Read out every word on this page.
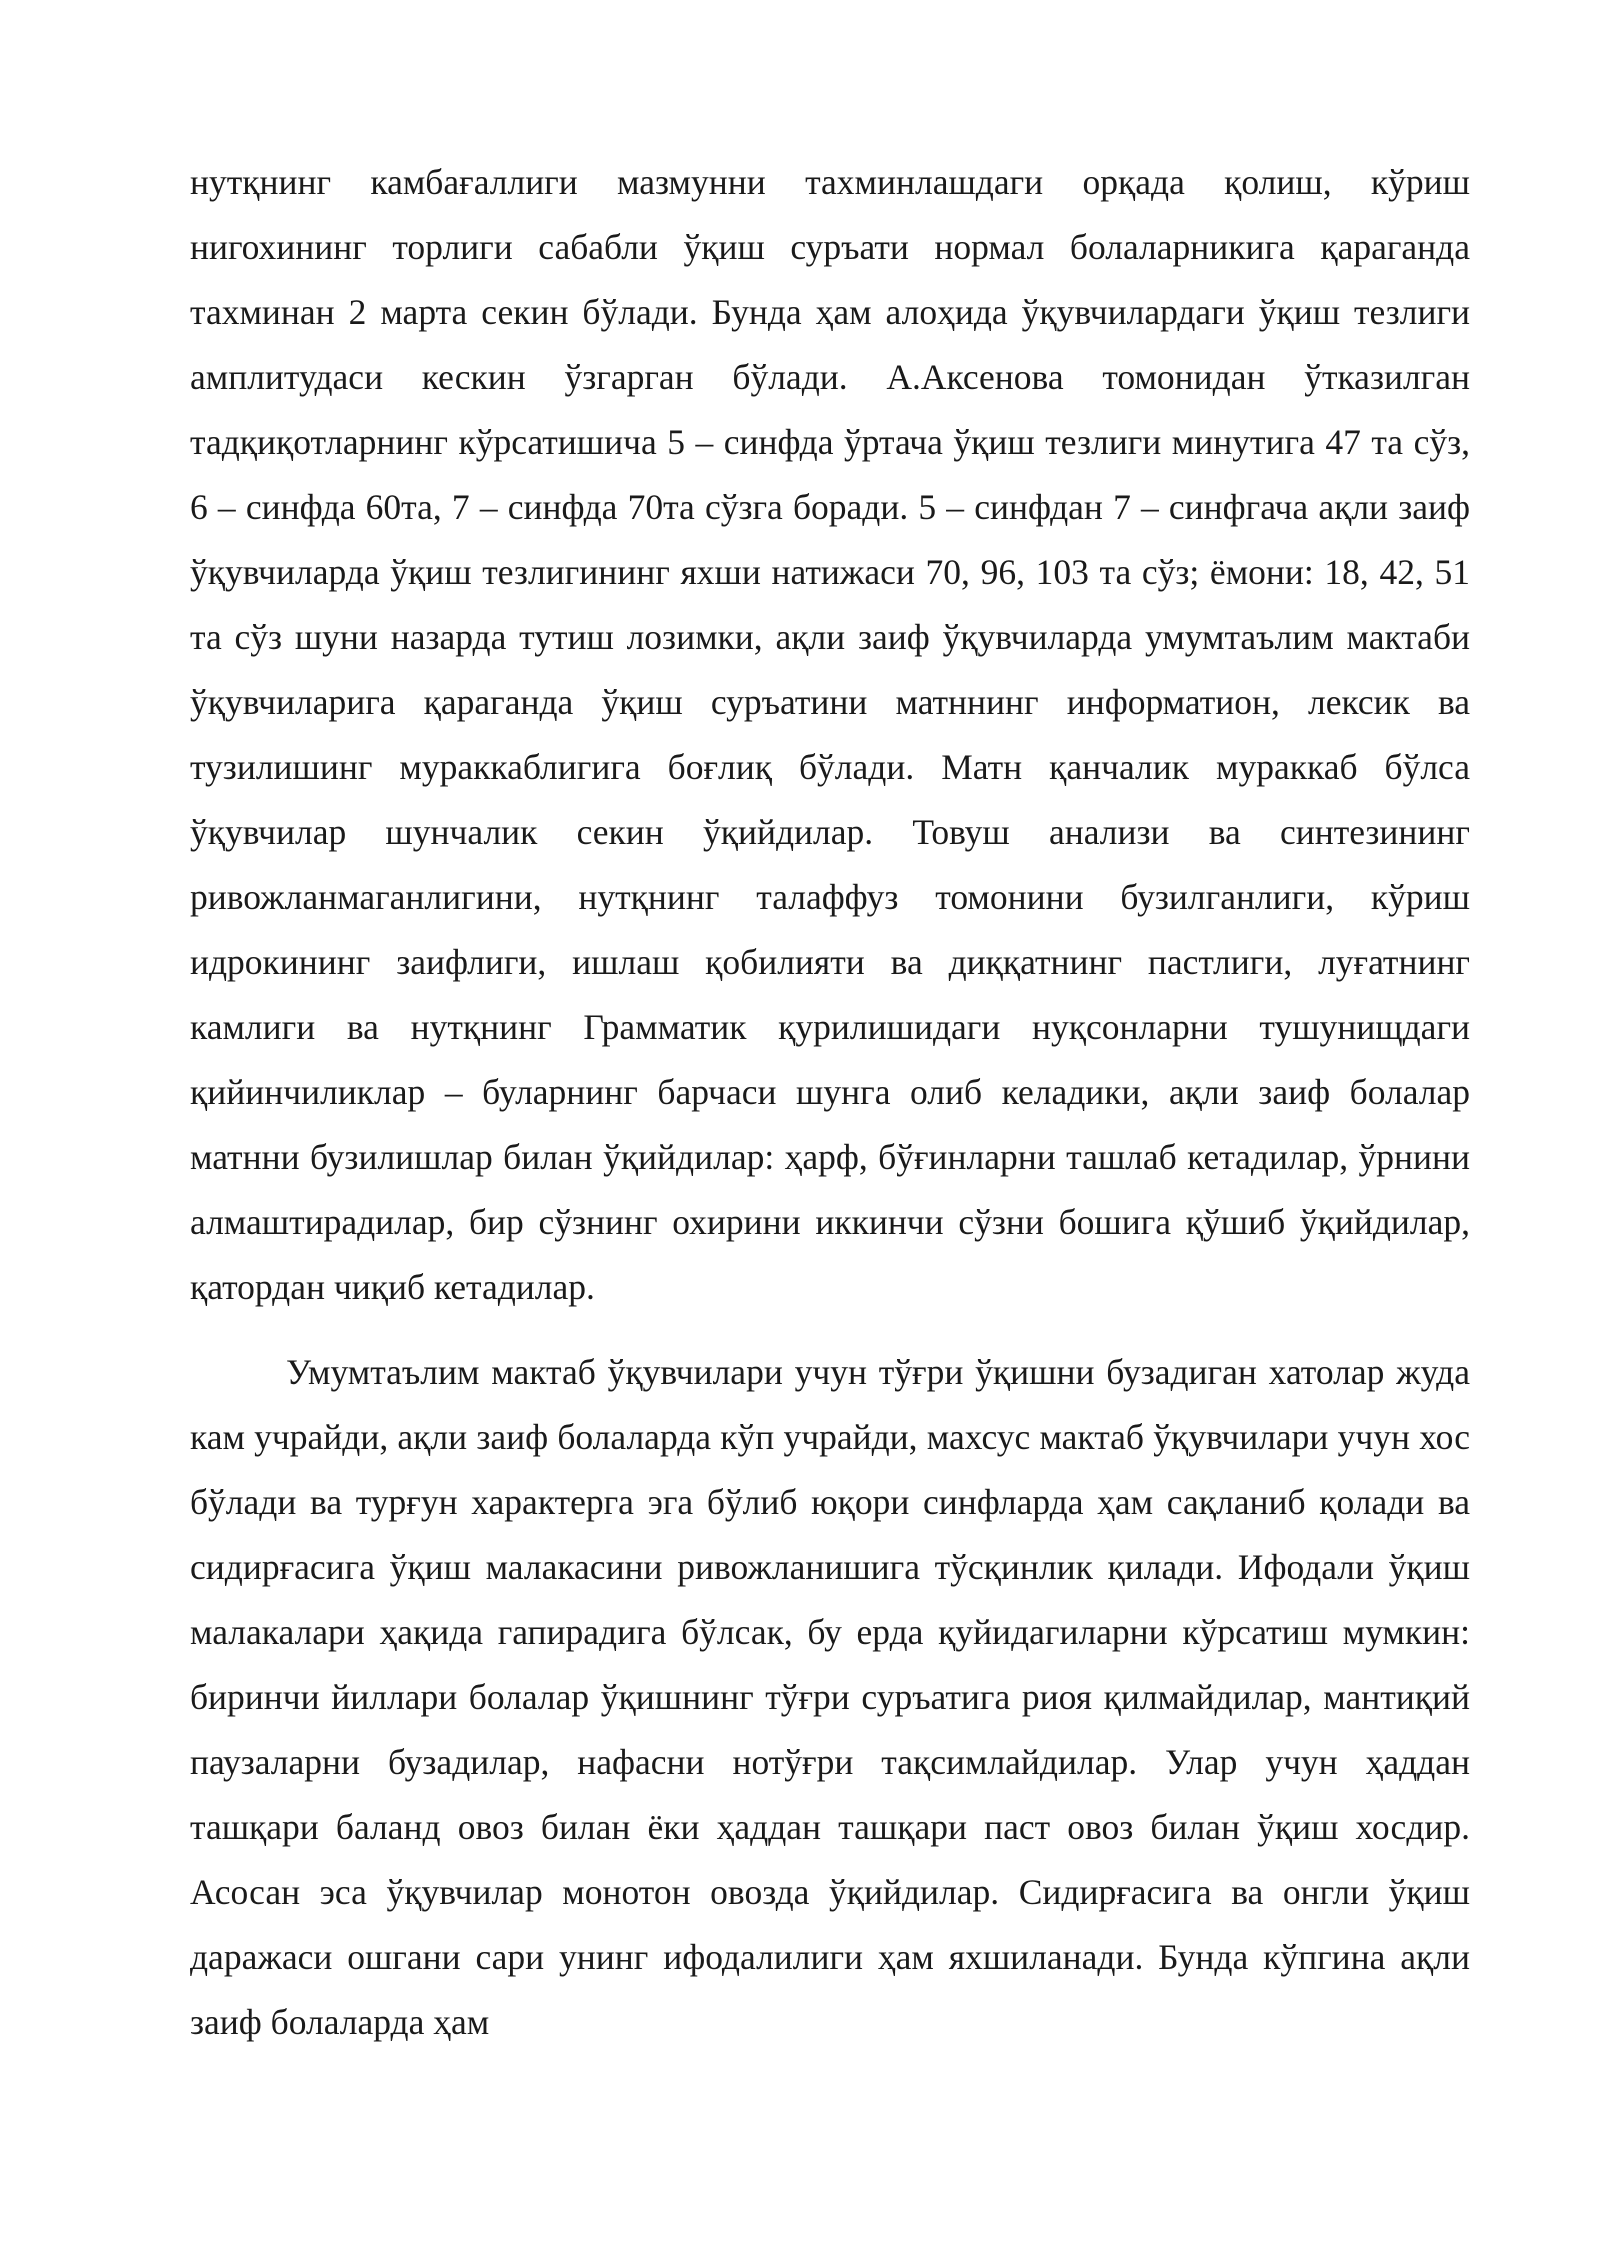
нутқнинг камбағаллиги мазмунни тахминлашдаги орқада қолиш, кўриш нигохининг торлиги сабабли ўқиш суръати нормал болаларникига қараганда тахминан 2 марта секин бўлади. Бунда ҳам алоҳида ўқувчилардаги ўқиш тезлиги амплитудаси кескин ўзгарган бўлади. А.Аксенова томонидан ўтказилган тадқиқотларнинг кўрсатишича 5 – синфда ўртача ўқиш тезлиги минутига 47 та сўз, 6 – синфда 60та, 7 – синфда 70та сўзга боради. 5 – синфдан 7 – синфгача ақли заиф ўқувчиларда ўқиш тезлигининг яхши натижаси 70, 96, 103 та сўз; ёмони: 18, 42, 51 та сўз шуни назарда тутиш лозимки, ақли заиф ўқувчиларда умумтаълим мактаби ўқувчиларига қараганда ўқиш суръатини матннинг информатион, лексик ва тузилишинг мураккаблигига боғлиқ бўлади. Матн қанчалик мураккаб бўлса ўқувчилар шунчалик секин ўқийдилар. Товуш анализи ва синтезининг ривожланмаганлигини, нутқнинг талаффуз томонини бузилганлиги, кўриш идрокининг заифлиги, ишлаш қобилияти ва диққатнинг пастлиги, луғатнинг камлиги ва нутқнинг Грамматик қурилишидаги нуқсонларни тушунищдаги қийинчиликлар – буларнинг барчаси шунга олиб келадики, ақли заиф болалар матнни бузилишлар билан ўқийдилар: ҳарф, бўғинларни ташлаб кетадилар, ўрнини алмаштирадилар, бир сўзнинг охирини иккинчи сўзни бошига қўшиб ўқийдилар, қатордан чиқиб кетадилар.

Умумтаълим мактаб ўқувчилари учун тўғри ўқишни бузадиган хатолар жуда кам учрайди, ақли заиф болаларда кўп учрайди, махсус мактаб ўқувчилари учун хос бўлади ва турғун характерга эга бўлиб юқори синфларда ҳам сақланиб қолади ва сидирғасига ўқиш малакасини ривожланишига тўсқинлик қилади. Ифодали ўқиш малакалари ҳақида гапирадига бўлсак, бу ерда қуйидагиларни кўрсатиш мумкин: биринчи йиллари болалар ўқишнинг тўғри суръатига риоя қилмайдилар, мантиқий паузаларни бузадилар, нафасни нотўғри тақсимлайдилар. Улар учун ҳаддан ташқари баланд овоз билан ёки ҳаддан ташқари паст овоз билан ўқиш хосдир. Асосан эса ўқувчилар монотон овозда ўқийдилар. Сидирғасига ва онгли ўқиш даражаси ошгани сари унинг ифодалилиги ҳам яхшиланади. Бунда кўпгина ақли заиф болаларда ҳам
